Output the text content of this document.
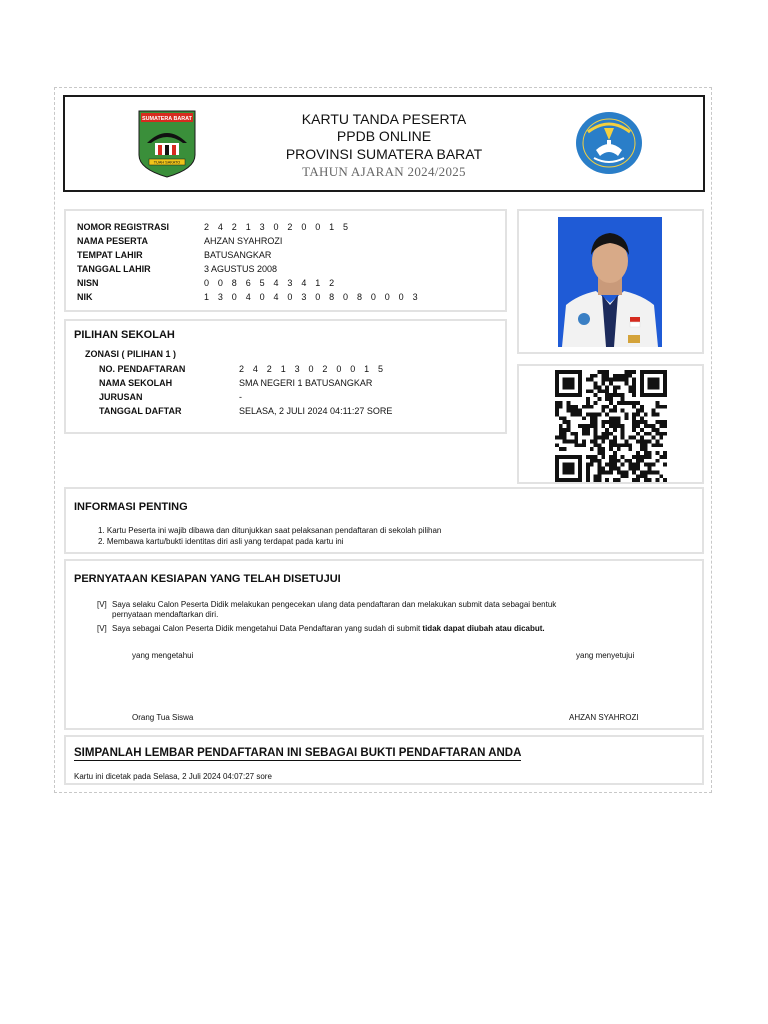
SUMATERA BARAT
TUAH SAKATO
KARTU TANDA PESERTA
PPDB ONLINE
PROVINSI SUMATERA BARAT
TAHUN AJARAN 2024/2025
NOMOR REGISTRASI	2 4 2 1 3 0 2 0 0 1 5
NAMA PESERTA	AHZAN SYAHROZI
TEMPAT LAHIR	BATUSANGKAR
TANGGAL LAHIR	3 AGUSTUS 2008
NISN	0 0 8 6 5 4 3 4 1 2
NIK	1 3 0 4 0 4 0 3 0 8 0 8 0 0 0 3
PILIHAN SEKOLAH
ZONASI ( PILIHAN 1 )
NO. PENDAFTARAN	2 4 2 1 3 0 2 0 0 1 5
NAMA SEKOLAH	SMA NEGERI 1 BATUSANGKAR
JURUSAN	-
TANGGAL DAFTAR	SELASA, 2 JULI 2024 04:11:27 SORE
INFORMASI PENTING
1. Kartu Peserta ini wajib dibawa dan ditunjukkan saat pelaksanan pendaftaran di sekolah pilihan
2. Membawa kartu/bukti identitas diri asli yang terdapat pada kartu ini
PERNYATAAN KESIAPAN YANG TELAH DISETUJUI
[V] Saya selaku Calon Peserta Didik melakukan pengecekan ulang data pendaftaran dan melakukan submit data sebagai bentuk pernyataan mendaftarkan diri.
[V] Saya sebagai Calon Peserta Didik mengetahui Data Pendaftaran yang sudah di submit tidak dapat diubah atau dicabut.
yang mengetahui	yang menyetujui
Orang Tua Siswa	AHZAN SYAHROZI
SIMPANLAH LEMBAR PENDAFTARAN INI SEBAGAI BUKTI PENDAFTARAN ANDA
Kartu ini dicetak pada Selasa, 2 Juli 2024 04:07:27 sore
